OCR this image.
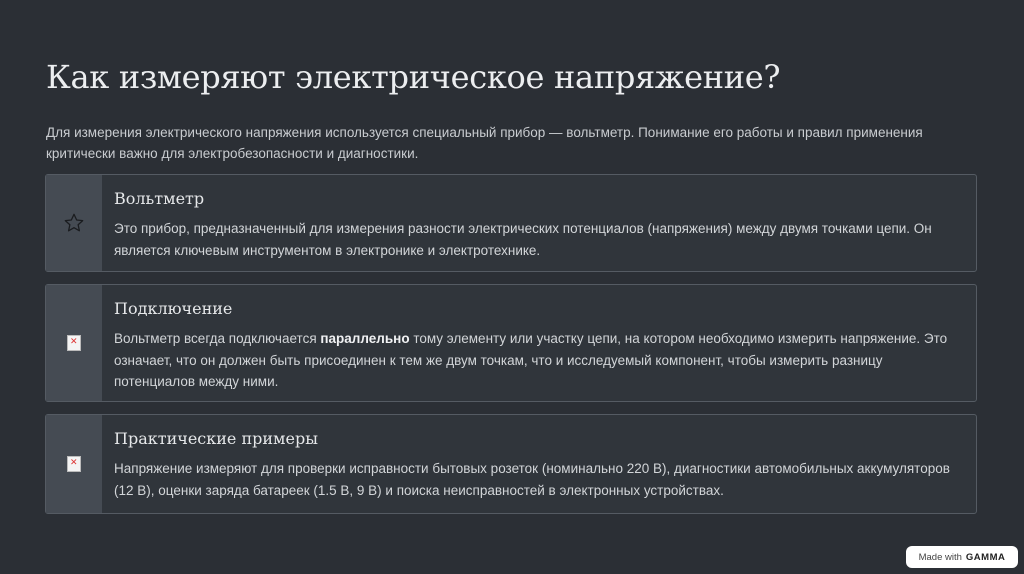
Как измеряют электрическое напряжение?
Для измерения электрического напряжения используется специальный прибор — вольтметр. Понимание его работы и правил применения критически важно для электробезопасности и диагностики.
Вольтметр

Это прибор, предназначенный для измерения разности электрических потенциалов (напряжения) между двумя точками цепи. Он является ключевым инструментом в электронике и электротехнике.

✕
Подключение

Вольтметр всегда подключается параллельно тому элементу или участку цепи, на котором необходимо измерить напряжение. Это означает, что он должен быть присоединен к тем же двум точкам, что и исследуемый компонент, чтобы измерить разницу потенциалов между ними.

✕
Практические примеры

Напряжение измеряют для проверки исправности бытовых розеток (номинально 220 В), диагностики автомобильных аккумуляторов (12 В), оценки заряда батареек (1.5 В, 9 В) и поиска неисправностей в электронных устройствах.

Made with GAMMA
